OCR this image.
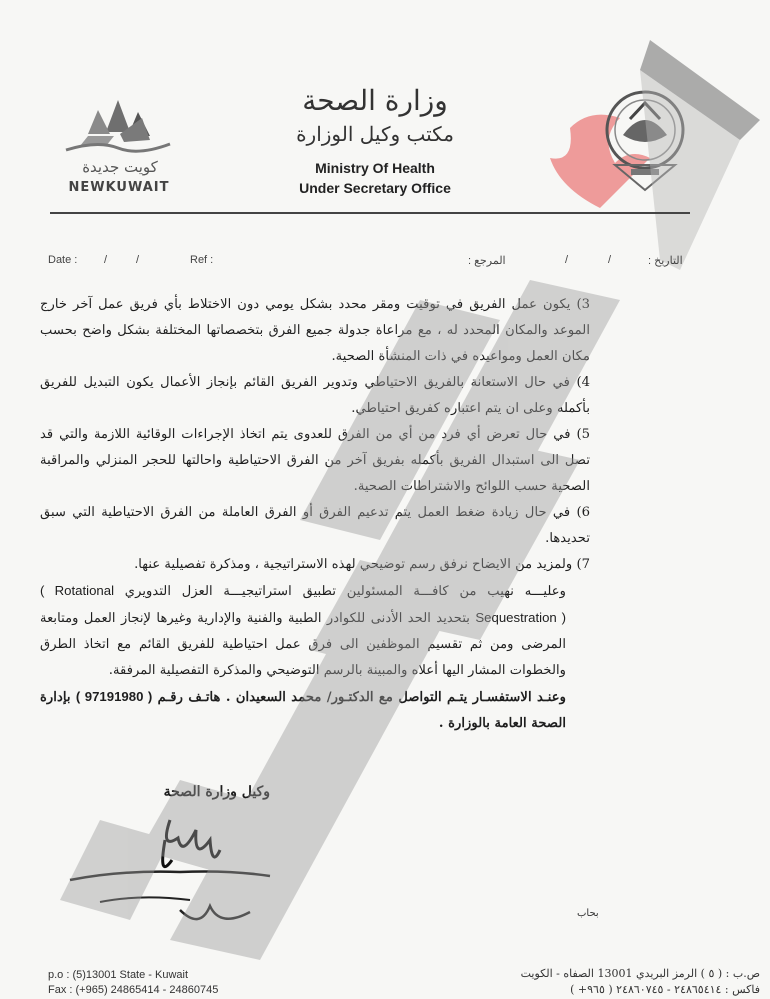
كويت جديدة
NEWKUWAIT
وزارة الصحة
مكتب وكيل الوزارة
Ministry Of Health
Under Secretary Office
Date : /	/	Ref :	المرجع :	/	/	التاريخ :

3) يكون عمل الفريق في توقيت ومقر محدد بشكل يومي دون الاختلاط بأي فريق عمل آخر خارج الموعد والمكان المحدد له ، مع مراعاة جدولة جميع الفرق بتخصصاتها المختلفة بشكل واضح بحسب مكان العمل ومواعيده في ذات المنشأة الصحية.

4) في حال الاستعانة بالفريق الاحتياطي وتدوير الفريق القائم بإنجاز الأعمال يكون التبديل للفريق بأكمله وعلى ان يتم اعتباره كفريق احتياطي.

5) في حال تعرض أي فرد من أي من الفرق للعدوى يتم اتخاذ الإجراءات الوقائية اللازمة والتي قد تصل الى استبدال الفريق بأكمله بفريق آخر من الفرق الاحتياطية واحالتها للحجر المنزلي والمراقبة الصحية حسب اللوائح والاشتراطات الصحية.

6) في حال زيادة ضغط العمل يتم تدعيم الفرق أو الفرق العاملة من الفرق الاحتياطية التي سبق تحديدها.

7) ولمزيد من الايضاح نرفق رسم توضيحي لهذه الاستراتيجية ، ومذكرة تفصيلية عنها.

وعليـــه نهيب من كافـــة المسئولين تطبيق استراتيجيـــة العزل التدويري ( Rotational Sequestration ) بتحديد الحد الأدنى للكوادر الطبية والفنية والإدارية وغيرها لإنجاز العمل ومتابعة المرضى ومن ثم تقسيم الموظفين الى فرق عمل احتياطية للفريق القائم مع اتخاذ الطرق والخطوات المشار اليها أعلاه والمبينة بالرسم التوضيحي والمذكرة التفصيلية المرفقة.

وعنـد الاستفسـار يتـم التواصل مع الدكتـور/ محمد السعيدان . هاتـف رقـم ( 97191980 ) بإدارة الصحة العامة بالوزارة .

وكيل وزارة الصحة
بحاب
p.o : (5)13001 State - Kuwait
Fax : (+965) 24865414 - 24860745
ص.ب : ( ٥ ) الرمز البريدي 13001 الصفاه - الكويت
فاكس : ٢٤٨٦٥٤١٤ - ٢٤٨٦٠٧٤٥ ( ٩٦٥+ )
